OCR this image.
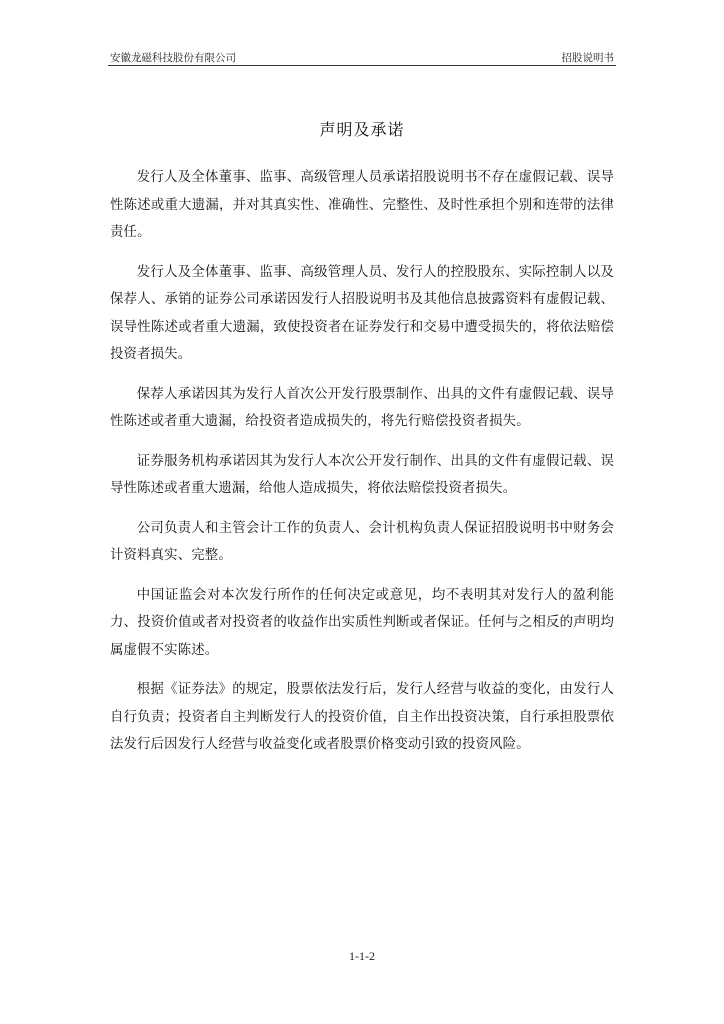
安徽龙磁科技股份有限公司	招股说明书
声明及承诺

发行人及全体董事、监事、高级管理人员承诺招股说明书不存在虚假记载、误导性陈述或重大遗漏，并对其真实性、准确性、完整性、及时性承担个别和连带的法律责任。

发行人及全体董事、监事、高级管理人员、发行人的控股股东、实际控制人以及保荐人、承销的证券公司承诺因发行人招股说明书及其他信息披露资料有虚假记载、误导性陈述或者重大遗漏，致使投资者在证券发行和交易中遭受损失的，将依法赔偿投资者损失。

保荐人承诺因其为发行人首次公开发行股票制作、出具的文件有虚假记载、误导性陈述或者重大遗漏，给投资者造成损失的，将先行赔偿投资者损失。

证券服务机构承诺因其为发行人本次公开发行制作、出具的文件有虚假记载、误导性陈述或者重大遗漏，给他人造成损失，将依法赔偿投资者损失。

公司负责人和主管会计工作的负责人、会计机构负责人保证招股说明书中财务会计资料真实、完整。

中国证监会对本次发行所作的任何决定或意见，均不表明其对发行人的盈利能力、投资价值或者对投资者的收益作出实质性判断或者保证。任何与之相反的声明均属虚假不实陈述。

根据《证券法》的规定，股票依法发行后，发行人经营与收益的变化，由发行人自行负责；投资者自主判断发行人的投资价值，自主作出投资决策，自行承担股票依法发行后因发行人经营与收益变化或者股票价格变动引致的投资风险。

1-1-2
